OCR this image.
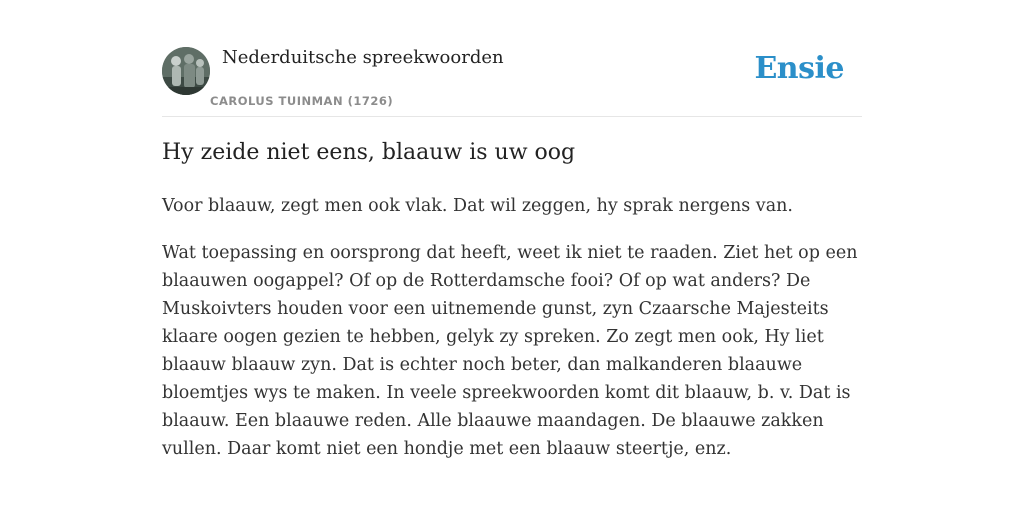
Nederduitsche spreekwoorden
CAROLUS TUINMAN (1726)
Ensie
Hy zeide niet eens, blaauw is uw oog

Voor blaauw, zegt men ook vlak. Dat wil zeggen, hy sprak nergens van.

Wat toepassing en oorsprong dat heeft, weet ik niet te raaden. Ziet het op een blaauwen oogappel? Of op de Rotterdamsche fooi? Of op wat anders? De Muskoivters houden voor een uitnemende gunst, zyn Czaarsche Majesteits klaare oogen gezien te hebben, gelyk zy spreken. Zo zegt men ook, Hy liet blaauw blaauw zyn. Dat is echter noch beter, dan malkanderen blaauwe bloemtjes wys te maken. In veele spreekwoorden komt dit blaauw, b. v. Dat is blaauw. Een blaauwe reden. Alle blaauwe maandagen. De blaauwe zakken vullen. Daar komt niet een hondje met een blaauw steertje, enz.
